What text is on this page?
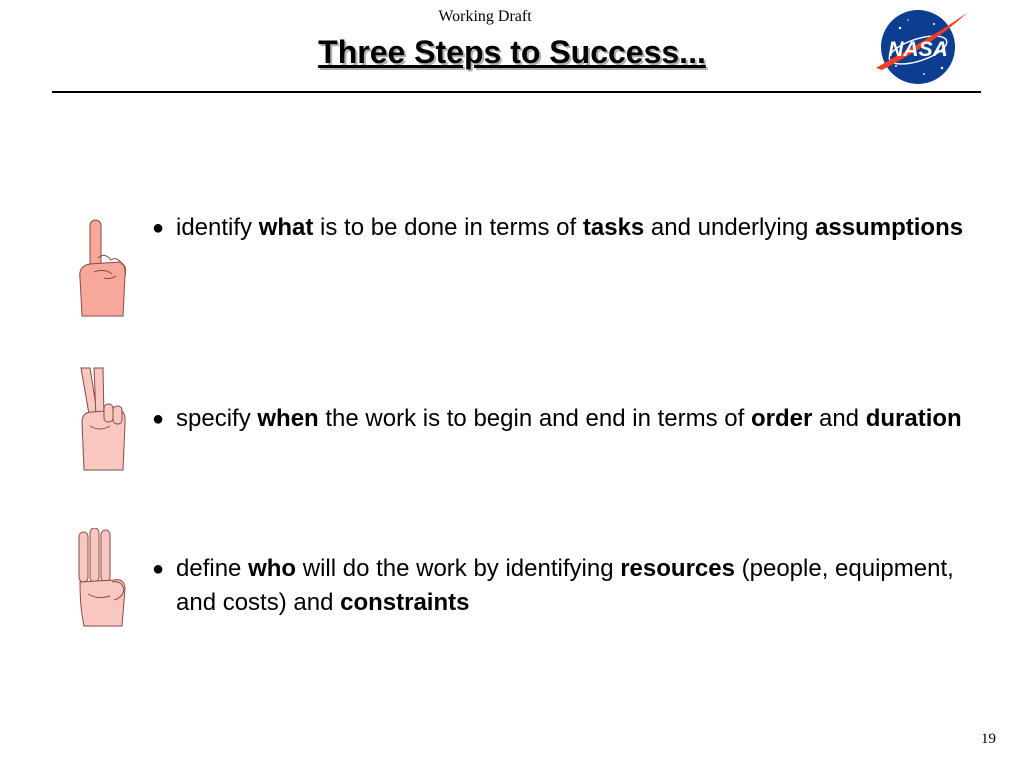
Working Draft
Three Steps to Success...	NASA
● identify what is to be done in terms of tasks and underlying assumptions
● specify when the work is to begin and end in terms of order and duration
● define who will do the work by identifying resources (people, equipment, and costs) and constraints
19
